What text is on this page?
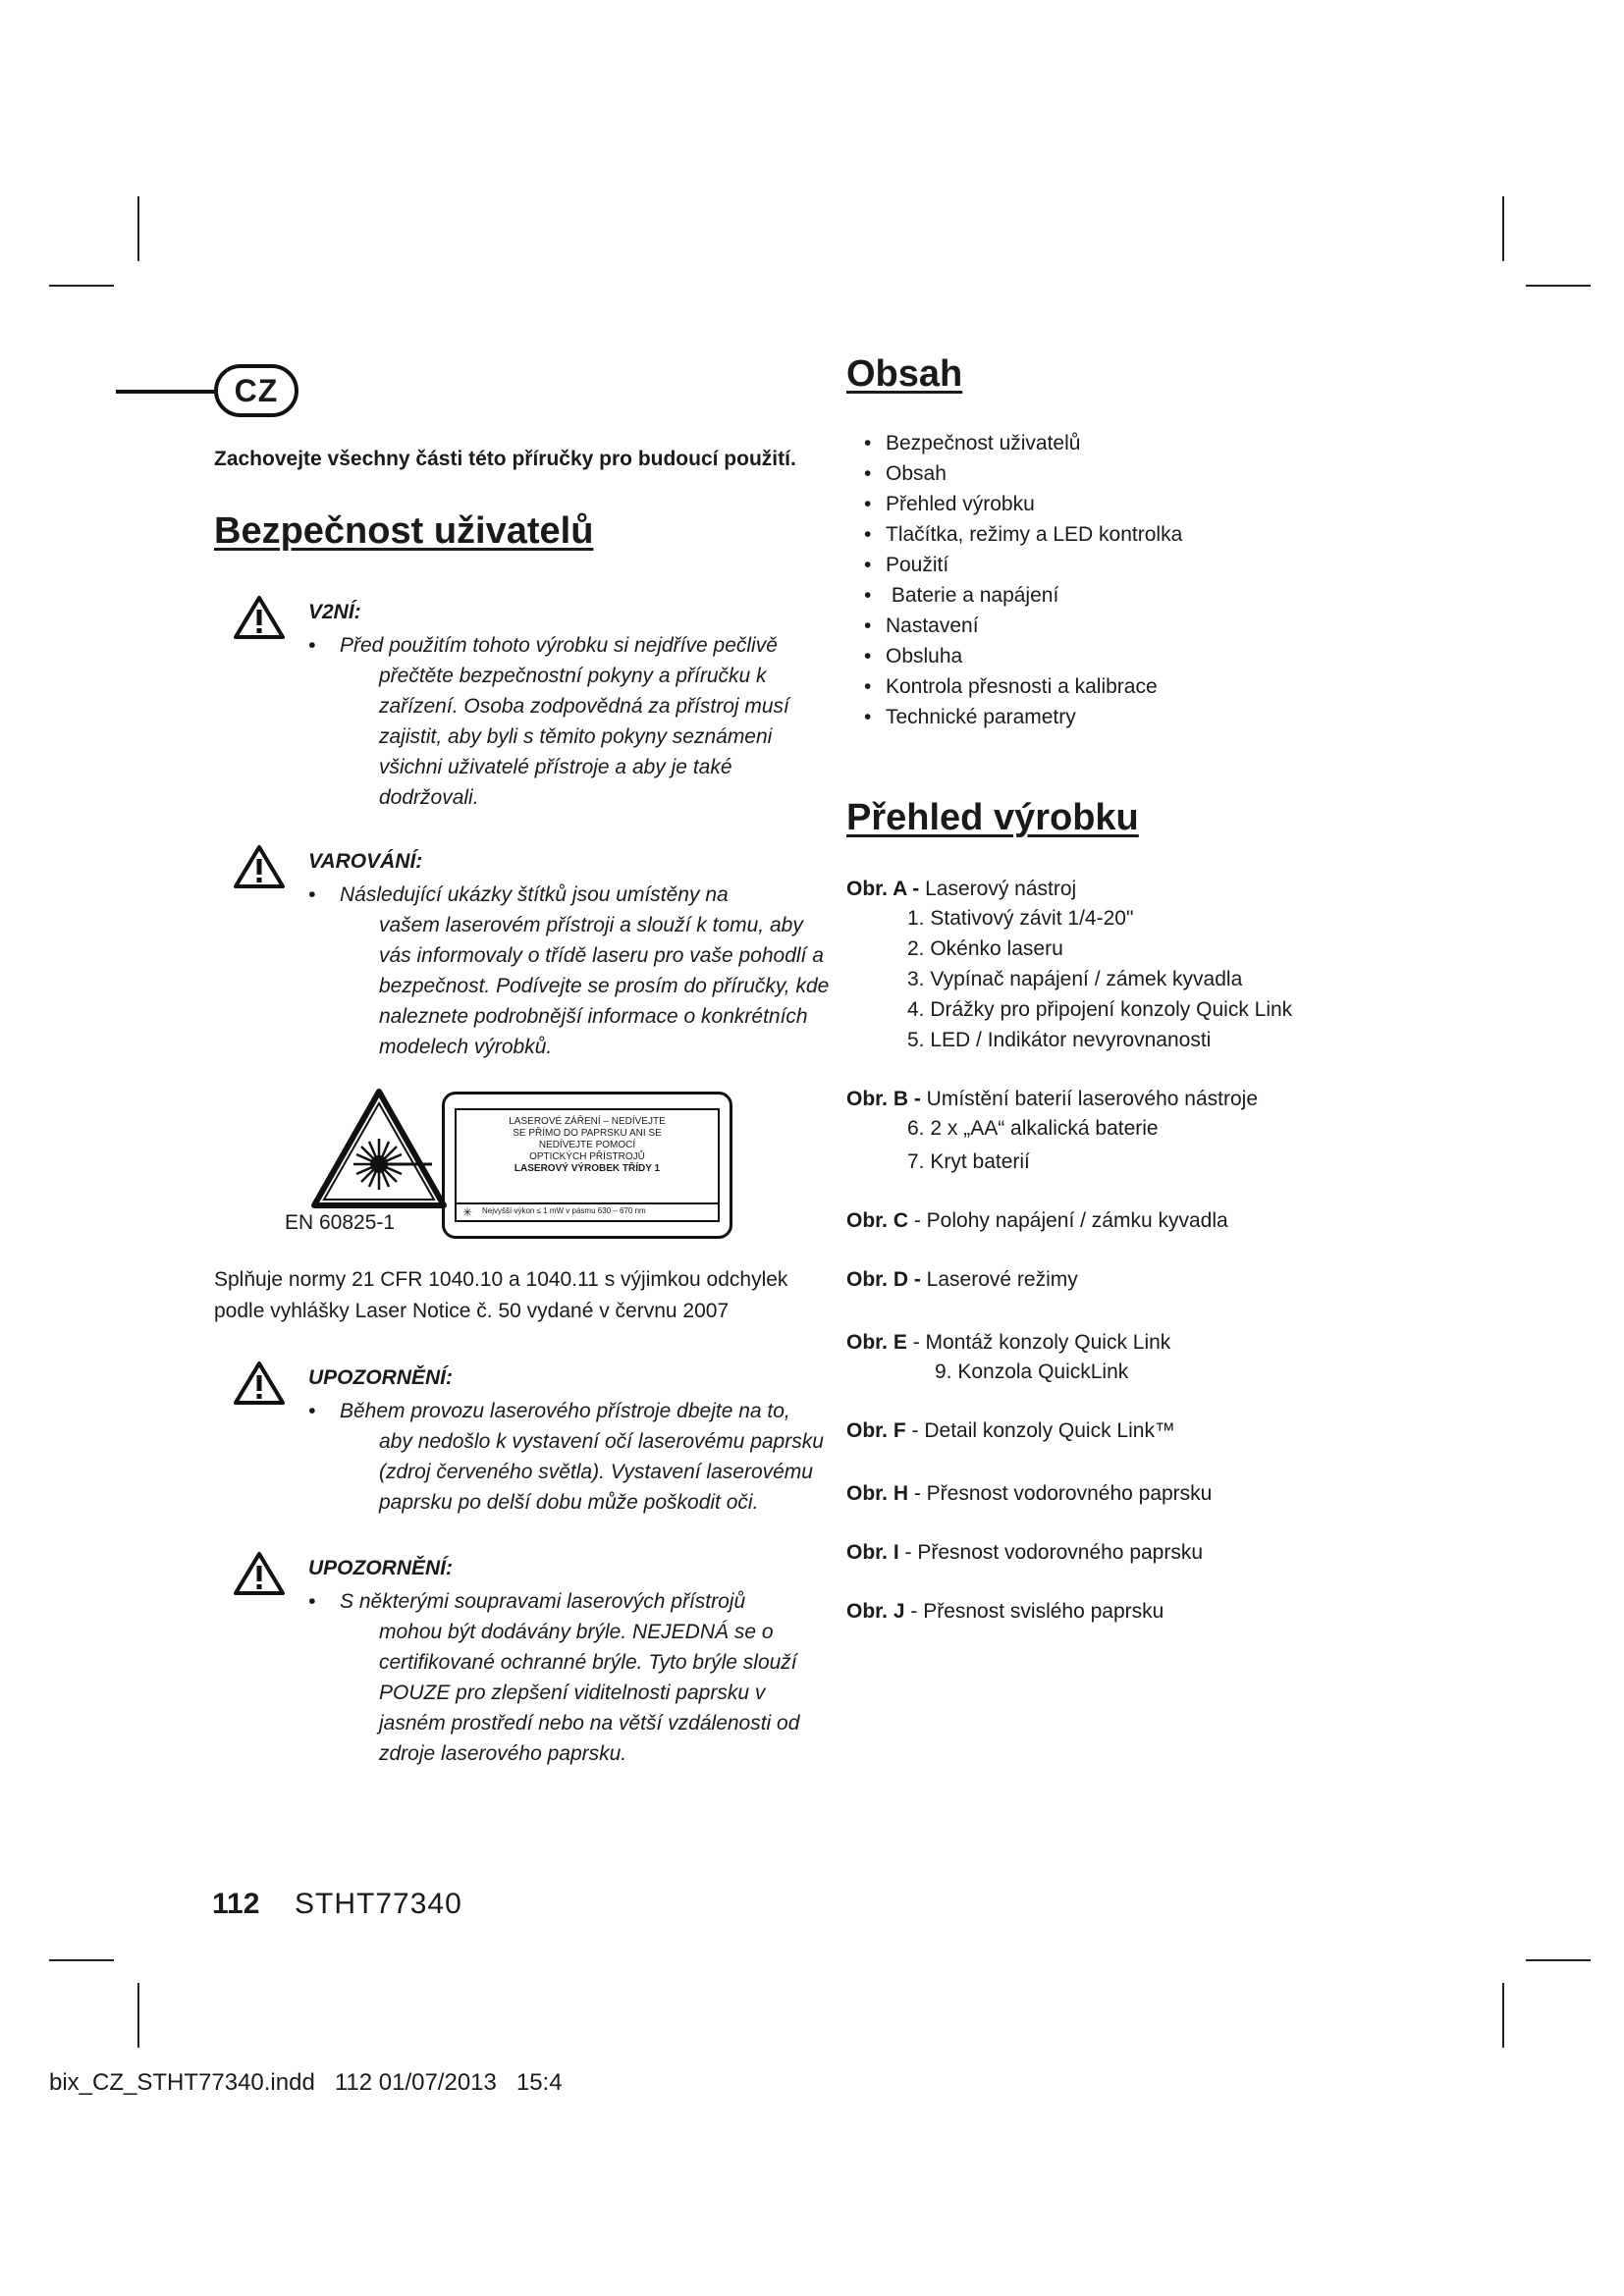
CZ
Zachovejte všechny části této příručky pro budoucí použití.
Bezpečnost uživatelů
V2NÍ:
•	Před použitím tohoto výrobku si nejdříve pečlivě
přečtěte bezpečnostní pokyny a příručku k
zařízení. Osoba zodpovědná za přístroj musí
zajistit, aby byli s těmito pokyny seznámeni
všichni uživatelé přístroje a aby je také
dodržovali.
VAROVÁNÍ:
•	Následující ukázky štítků jsou umístěny na
vašem laserovém přístroji a slouží k tomu, aby
vás informovaly o třídě laseru pro vaše pohodlí a
bezpečnost. Podívejte se prosím do příručky, kde
naleznete podrobnější informace o konkrétních
modelech výrobků.
EN 60825-1
LASEROVÉ ZÁŘENÍ – NEDÍVEJTE
SE PŘÍMO DO PAPRSKU ANI SE
NEDÍVEJTE POMOCÍ
OPTICKÝCH PŘÍSTROJŮ
LASEROVÝ VÝROBEK TŘÍDY 1
Nejvyšší výkon ≤ 1 mW v pásmu 630 – 670 nm
✳
Splňuje normy 21 CFR 1040.10 a 1040.11 s výjimkou odchylek
podle vyhlášky Laser Notice č. 50 vydané v červnu 2007
UPOZORNĚNÍ:
•	Během provozu laserového přístroje dbejte na to,
aby nedošlo k vystavení očí laserovému paprsku
(zdroj červeného světla). Vystavení laserovému
paprsku po delší dobu může poškodit oči.
UPOZORNĚNÍ:
•	S některými soupravami laserových přístrojů
mohou být dodávány brýle. NEJEDNÁ se o
certifikované ochranné brýle. Tyto brýle slouží
POUZE pro zlepšení viditelnosti paprsku v
jasném prostředí nebo na větší vzdálenosti od
zdroje laserového paprsku.
Obsah
• Bezpečnost uživatelů
• Obsah
• Přehled výrobku
• Tlačítka, režimy a LED kontrolka
• Použití
• Baterie a napájení
• Nastavení
• Obsluha
• Kontrola přesnosti a kalibrace
• Technické parametry
Přehled výrobku
Obr. A - Laserový nástroj
1. Stativový závit 1/4-20"
2. Okénko laseru
3. Vypínač napájení / zámek kyvadla
4. Drážky pro připojení konzoly Quick Link
5. LED / Indikátor nevyrovnanosti
Obr. B - Umístění baterií laserového nástroje
6. 2 x „AA“ alkalická baterie
7. Kryt baterií
Obr. C - Polohy napájení / zámku kyvadla
Obr. D - Laserové režimy
Obr. E - Montáž konzoly Quick Link
9. Konzola QuickLink
Obr. F - Detail konzoly Quick Link™
Obr. H - Přesnost vodorovného paprsku
Obr. I - Přesnost vodorovného paprsku
Obr. J - Přesnost svislého paprsku
112 STHT77340
bix_CZ_STHT77340.indd   112 01/07/2013   15:4
